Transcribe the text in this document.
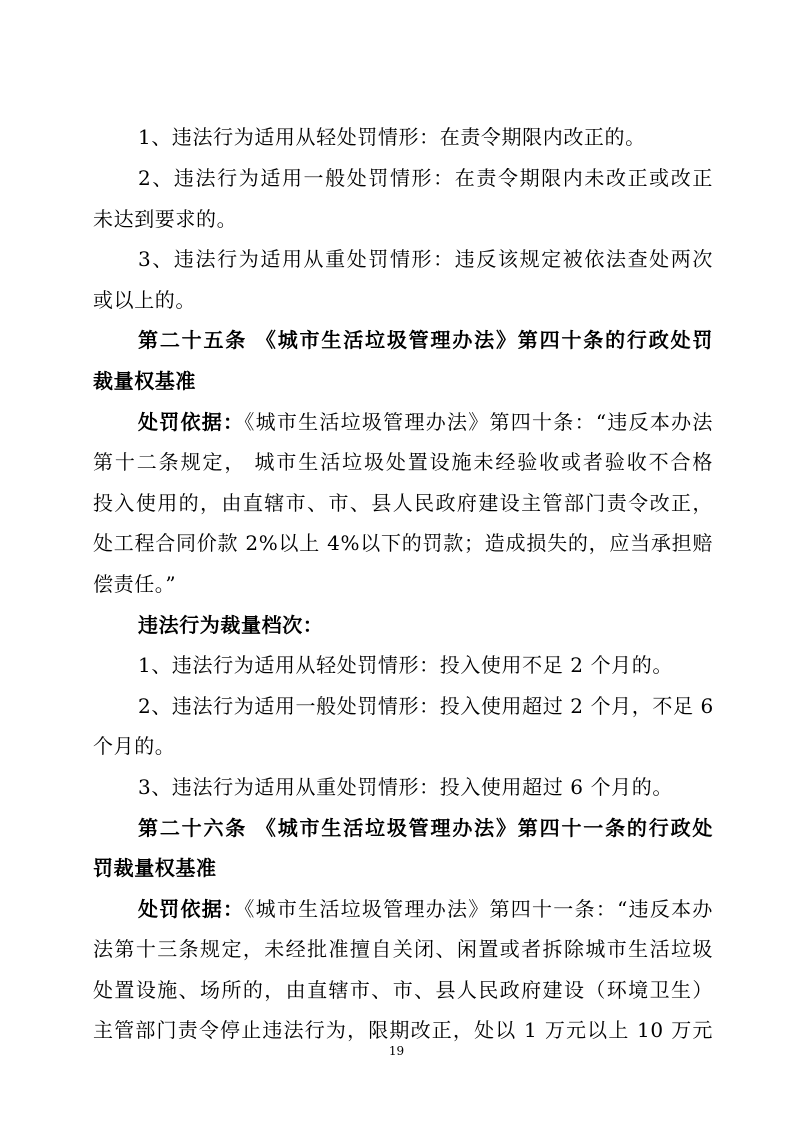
1、违法行为适用从轻处罚情形：在责令期限内改正的。
2、违法行为适用一般处罚情形：在责令期限内未改正或改正
未达到要求的。
3、违法行为适用从重处罚情形：违反该规定被依法查处两次
或以上的。
第二十五条 《城市生活垃圾管理办法》第四十条的行政处罚
裁量权基准
处罚依据：《城市生活垃圾管理办法》第四十条：“违反本办法
第十二条规定， 城市生活垃圾处置设施未经验收或者验收不合格
投入使用的，由直辖市、市、县人民政府建设主管部门责令改正，
处工程合同价款 2%以上 4%以下的罚款；造成损失的，应当承担赔
偿责任。”
违法行为裁量档次：
1、违法行为适用从轻处罚情形：投入使用不足 2 个月的。
2、违法行为适用一般处罚情形：投入使用超过 2 个月，不足 6
个月的。
3、违法行为适用从重处罚情形：投入使用超过 6 个月的。
第二十六条 《城市生活垃圾管理办法》第四十一条的行政处
罚裁量权基准
处罚依据：《城市生活垃圾管理办法》第四十一条：“违反本办
法第十三条规定，未经批准擅自关闭、闲置或者拆除城市生活垃圾
处置设施、场所的，由直辖市、市、县人民政府建设（环境卫生）
主管部门责令停止违法行为，限期改正，处以 1 万元以上 10 万元
19
